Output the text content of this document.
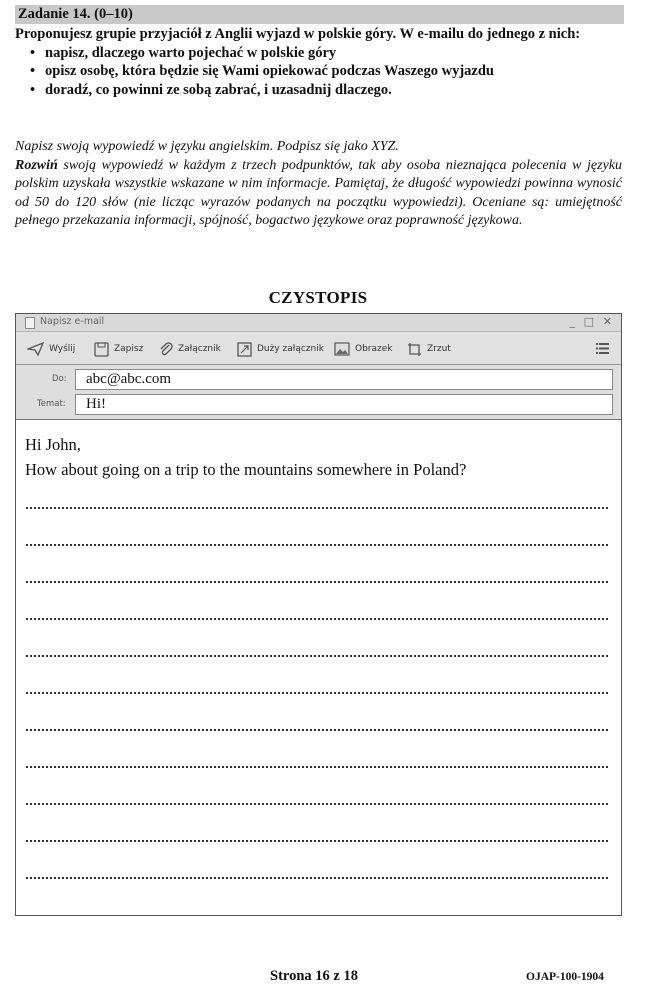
Zadanie 14. (0–10)

Proponujesz grupie przyjaciół z Anglii wyjazd w polskie góry. W e-mailu do jednego z nich:

• napisz, dlaczego warto pojechać w polskie góry
• opisz osobę, która będzie się Wami opiekować podczas Waszego wyjazdu
• doradź, co powinni ze sobą zabrać, i uzasadnij dlaczego.

Napisz swoją wypowiedź w języku angielskim. Podpisz się jako XYZ.

Rozwiń swoją wypowiedź w każdym z trzech podpunktów, tak aby osoba nieznająca polecenia w języku polskim uzyskała wszystkie wskazane w nim informacje. Pamiętaj, że długość wypowiedzi powinna wynosić od 50 do 120 słów (nie licząc wyrazów podanych na początku wypowiedzi). Oceniane są: umiejętność pełnego przekazania informacji, spójność, bogactwo językowe oraz poprawność językowa.

CZYSTOPIS
Napisz e-mail	_ □ ✕
Wyślij	Zapisz	Załącznik	Duży załącznik	Obrazek	Zrzut
Do:	abc@abc.com
Temat:	Hi!
Hi John,
How about going on a trip to the mountains somewhere in Poland?
Strona 16 z 18	OJAP-100-1904
